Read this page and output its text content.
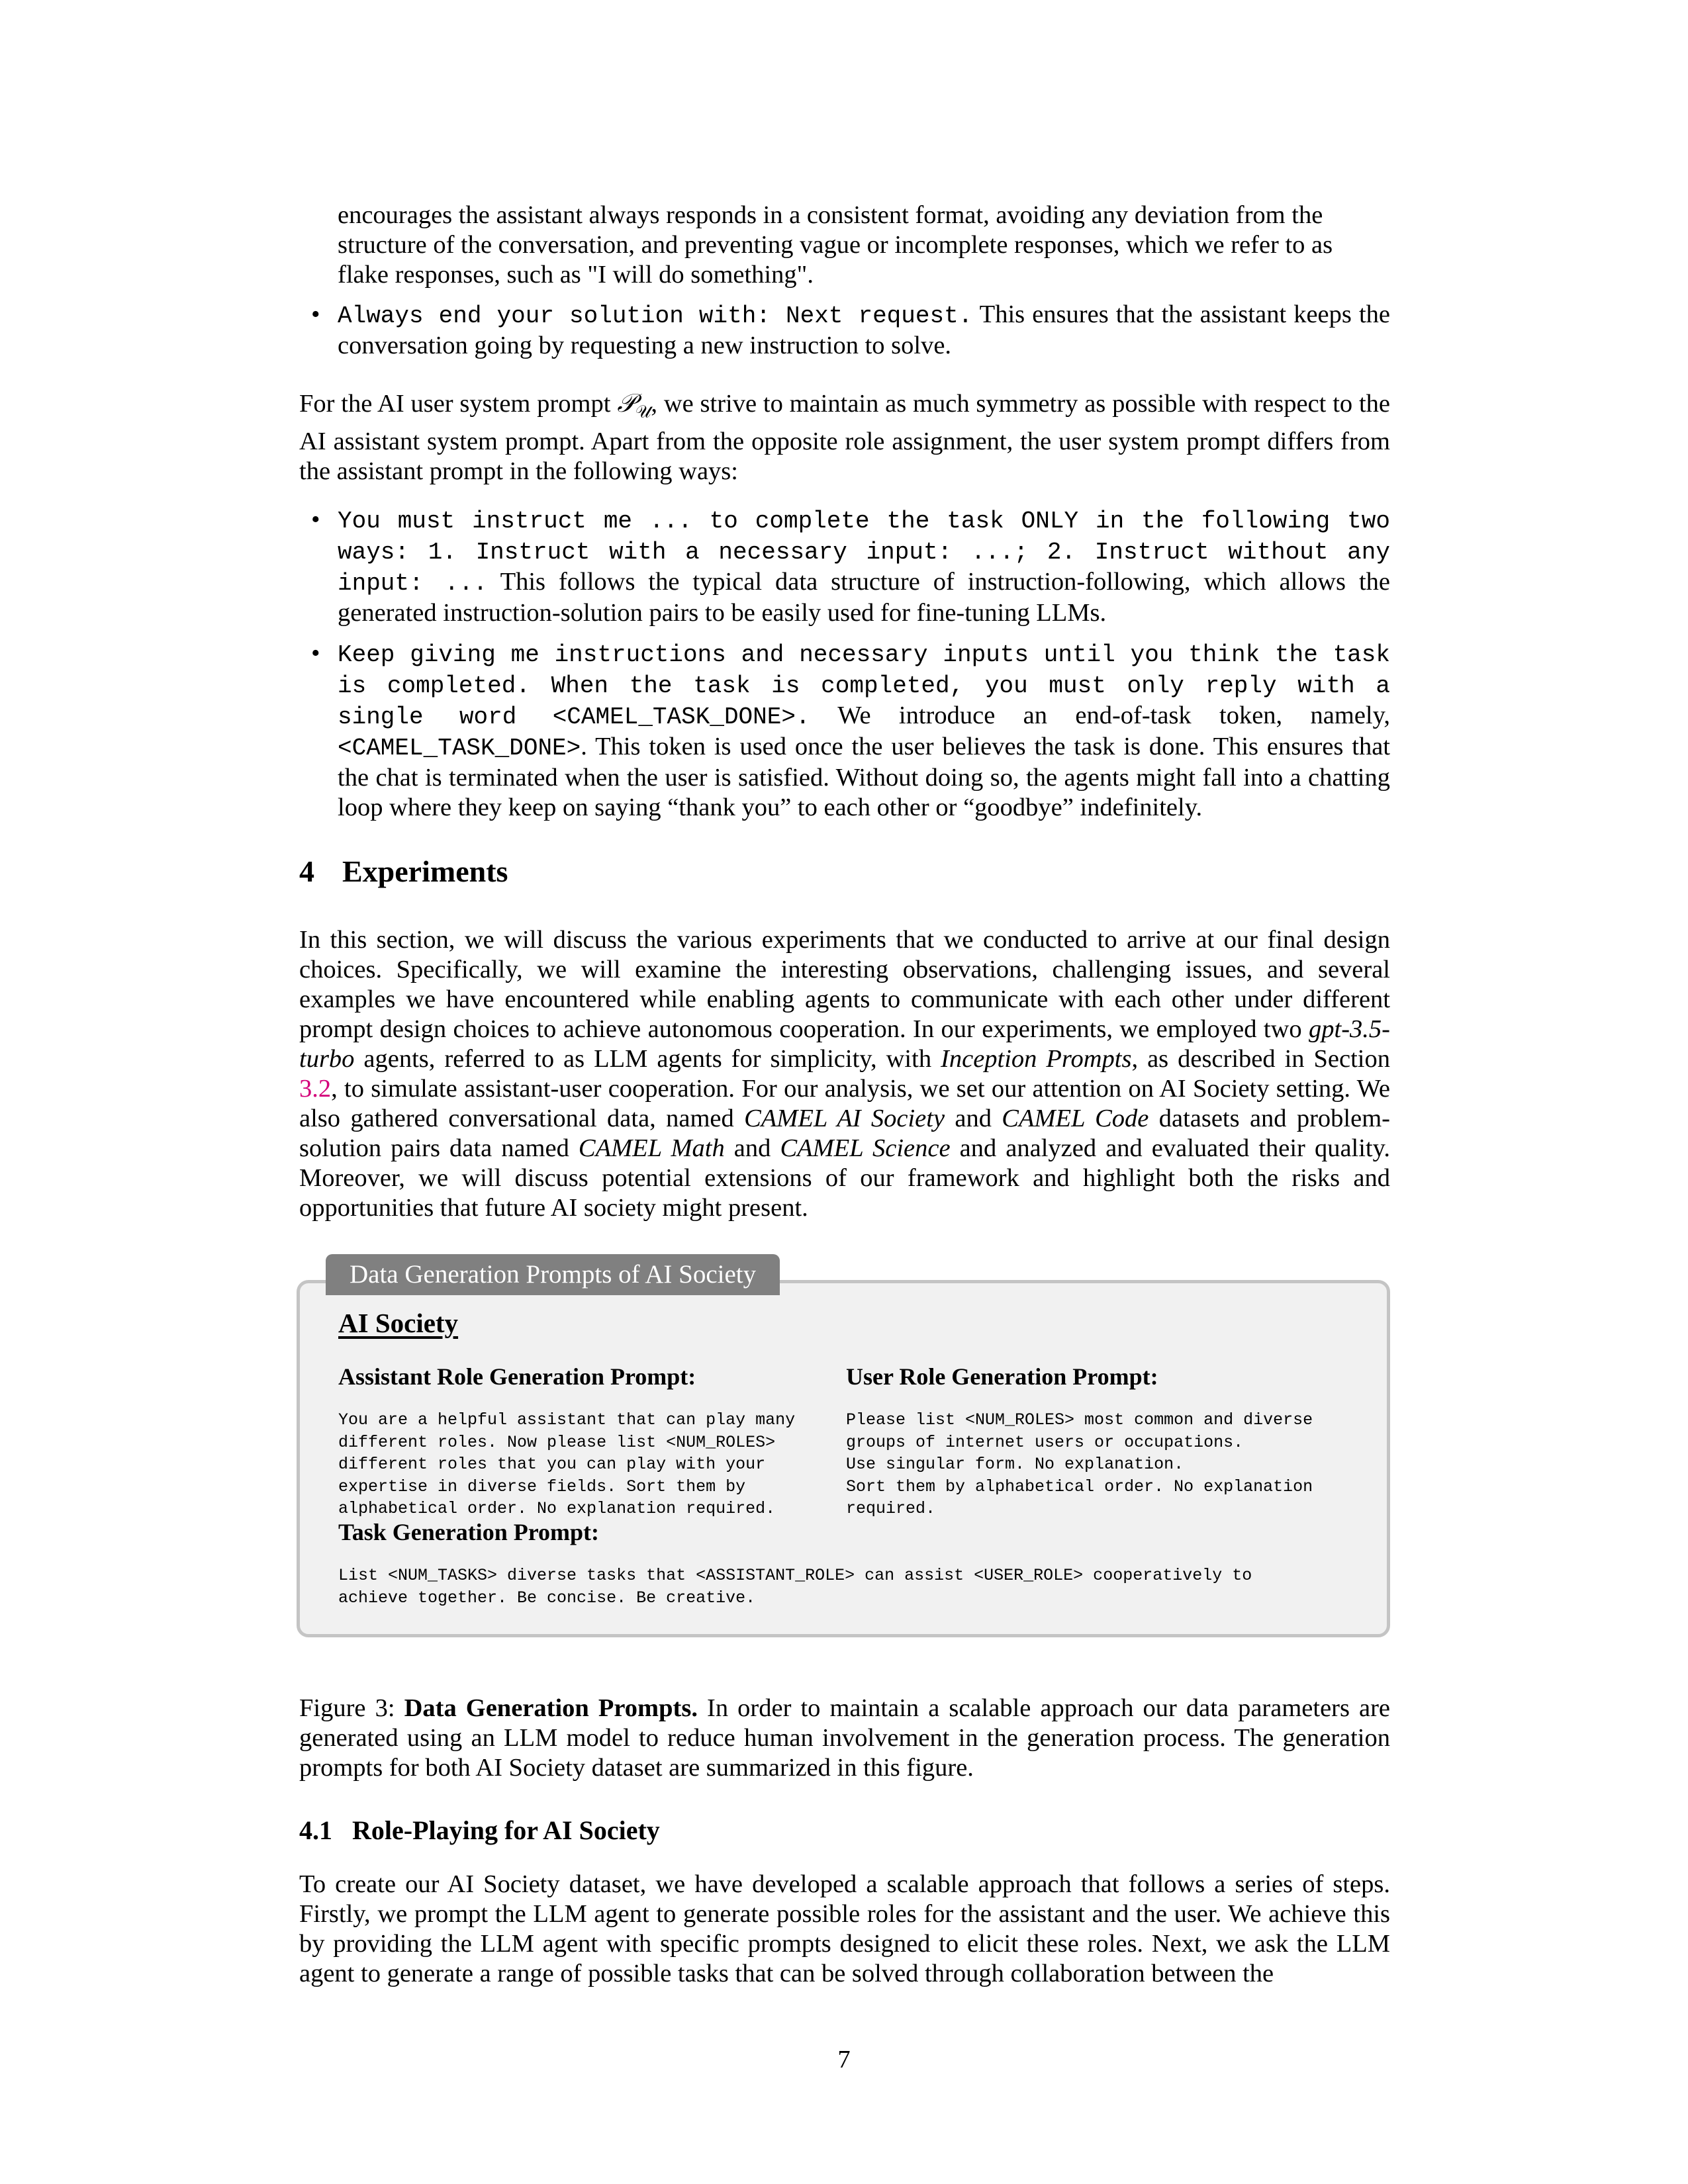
encourages the assistant always responds in a consistent format, avoiding any deviation from the
structure of the conversation, and preventing vague or incomplete responses, which we refer to as
flake responses, such as "I will do something".
• Always end your solution with: Next request. This ensures that the assistant keeps the conversation going by requesting a new instruction to solve.

For the AI user system prompt 𝒫$_𝒰$, we strive to maintain as much symmetry as possible with respect to the AI assistant system prompt. Apart from the opposite role assignment, the user system prompt differs from the assistant prompt in the following ways:

• You must instruct me ... to complete the task ONLY in the following two ways: 1. Instruct with a necessary input: ...; 2. Instruct without any input: ... This follows the typical data structure of instruction-following, which allows the generated instruction-solution pairs to be easily used for fine-tuning LLMs.
• Keep giving me instructions and necessary inputs until you think the task is completed. When the task is completed, you must only reply with a single word <CAMEL_TASK_DONE>. We introduce an end-of-task token, namely, <CAMEL_TASK_DONE>. This token is used once the user believes the task is done. This ensures that the chat is terminated when the user is satisfied. Without doing so, the agents might fall into a chatting loop where they keep on saying “thank you” to each other or “goodbye” indefinitely.
4 Experiments

In this section, we will discuss the various experiments that we conducted to arrive at our final design choices. Specifically, we will examine the interesting observations, challenging issues, and several examples we have encountered while enabling agents to communicate with each other under different prompt design choices to achieve autonomous cooperation. In our experiments, we employed two gpt-3.5-turbo agents, referred to as LLM agents for simplicity, with Inception Prompts, as described in Section 3.2, to simulate assistant-user cooperation. For our analysis, we set our attention on AI Society setting. We also gathered conversational data, named CAMEL AI Society and CAMEL Code datasets and problem-solution pairs data named CAMEL Math and CAMEL Science and analyzed and evaluated their quality. Moreover, we will discuss potential extensions of our framework and highlight both the risks and opportunities that future AI society might present.

AI Society
Assistant Role Generation Prompt:
You are a helpful assistant that can play many
different roles. Now please list <NUM_ROLES>
different roles that you can play with your
expertise in diverse fields. Sort them by
alphabetical order. No explanation required.
User Role Generation Prompt:
Please list <NUM_ROLES> most common and diverse
groups of internet users or occupations.
Use singular form. No explanation.
Sort them by alphabetical order. No explanation
required.
Task Generation Prompt:
List <NUM_TASKS> diverse tasks that <ASSISTANT_ROLE> can assist <USER_ROLE> cooperatively to
achieve together. Be concise. Be creative.
Data Generation Prompts of AI Society

Figure 3: Data Generation Prompts. In order to maintain a scalable approach our data parameters are generated using an LLM model to reduce human involvement in the generation process. The generation prompts for both AI Society dataset are summarized in this figure.

4.1 Role-Playing for AI Society

To create our AI Society dataset, we have developed a scalable approach that follows a series of steps. Firstly, we prompt the LLM agent to generate possible roles for the assistant and the user. We achieve this by providing the LLM agent with specific prompts designed to elicit these roles. Next, we ask the LLM agent to generate a range of possible tasks that can be solved through collaboration between the

7
